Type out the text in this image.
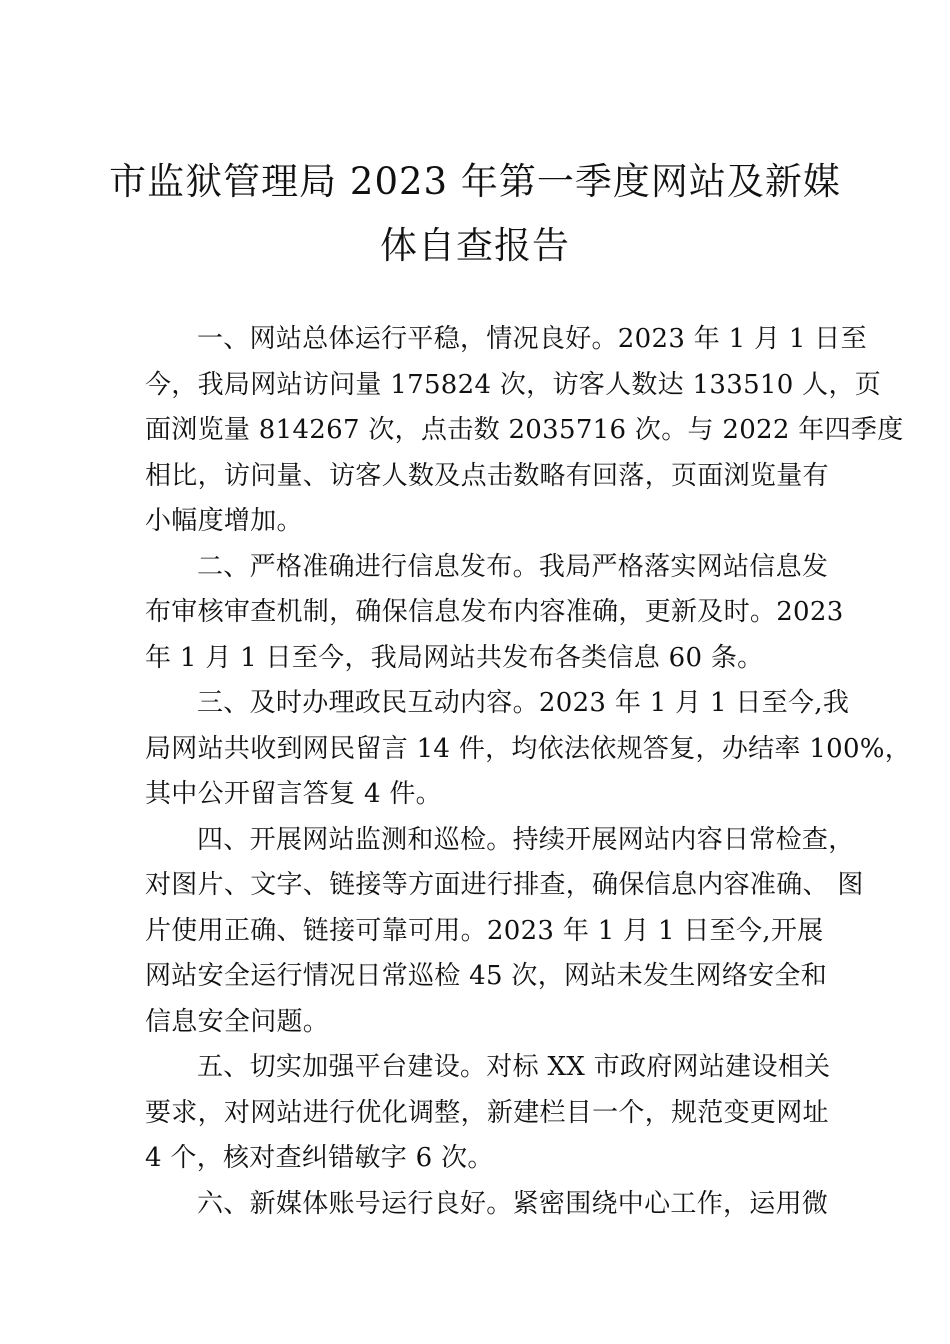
市监狱管理局 2023 年第一季度网站及新媒
体自查报告
一、网站总体运行平稳，情况良好。2023 年 1 月 1 日至
今，我局网站访问量 175824 次，访客人数达 133510 人，页
面浏览量 814267 次，点击数 2035716 次。与 2022 年四季度
相比，访问量、访客人数及点击数略有回落，页面浏览量有
小幅度增加。
二、严格准确进行信息发布。我局严格落实网站信息发
布审核审查机制，确保信息发布内容准确，更新及时。2023
年 1 月 1 日至今，我局网站共发布各类信息 60 条。
三、及时办理政民互动内容。2023 年 1 月 1 日至今,我
局网站共收到网民留言 14 件，均依法依规答复，办结率 100%，
其中公开留言答复 4 件。
四、开展网站监测和巡检。持续开展网站内容日常检查，
对图片、文字、链接等方面进行排查，确保信息内容准确、 图
片使用正确、链接可靠可用。2023 年 1 月 1 日至今,开展
网站安全运行情况日常巡检 45 次，网站未发生网络安全和
信息安全问题。
五、切实加强平台建设。对标 XX 市政府网站建设相关
要求，对网站进行优化调整，新建栏目一个，规范变更网址
4 个，核对查纠错敏字 6 次。
六、新媒体账号运行良好。紧密围绕中心工作，运用微
